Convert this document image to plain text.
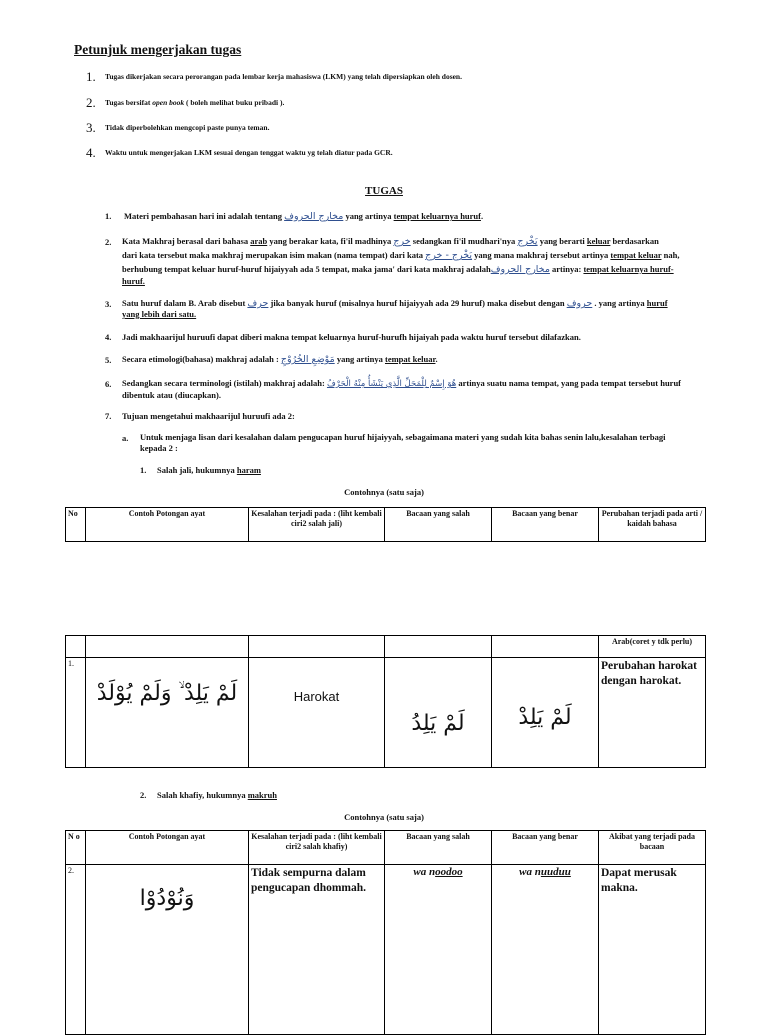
Petunjuk mengerjakan tugas
1. Tugas dikerjakan secara perorangan pada lembar kerja mahasiswa (LKM) yang telah dipersiapkan oleh dosen.
2. Tugas bersifat open book ( boleh melihat buku pribadi ).
3. Tidak diperbolehkan mengcopi paste punya teman.
4. Waktu untuk mengerjakan LKM sesuai dengan tenggat waktu yg telah diatur pada GCR.
TUGAS
1.	Materi pembahasan hari ini adalah tentang مخارج الحروف yang artinya tempat keluarnya huruf.
2.	Kata Makhraj berasal dari bahasa arab yang berakar kata, fi'il madhinya خرج sedangkan fi'il mudhari'nya يَخْرج yang berarti keluar berdasarkan
dari kata tersebut maka makhraj merupakan isim makan (nama tempat) dari kata يَخْرج - خرج yang mana makhraj tersebut artinya tempat keluar nah,
berhubung tempat keluar huruf-huruf hijaiyyah ada 5 tempat, maka jama' dari kata makhraj adalahمخارج الحروف artinya: tempat keluarnya huruf-
huruf.
3.	Satu huruf dalam B. Arab disebut حرف jika banyak huruf (misalnya huruf hijaiyyah ada 29 huruf) maka disebut dengan حروف . yang artinya huruf
yang lebih dari satu.
4.	Jadi makhaarijul huruufi dapat diberi makna tempat keluarnya huruf-hurufh hijaiyah pada waktu huruf tersebut dilafazkan.
5.	Secara etimologi(bahasa) makhraj adalah : مَوْضِعِ الخُرُوْجِ yang artinya tempat keluar.
6.	Sedangkan secara terminologi (istilah) makhraj adalah: هُوَ إِسْمٌ لِلْمَحَلِّ الَّذِي يَنْشَأُ مِنْهُ الْحَرْفُ artinya suatu nama tempat, yang pada tempat tersebut huruf
dibentuk atau (diucapkan).
7.	Tujuan mengetahui makhaarijul huruufi ada 2:
a.	Untuk menjaga lisan dari kesalahan dalam pengucapan huruf hijaiyyah, sebagaimana materi yang sudah kita bahas senin lalu,kesalahan terbagi
kepada 2 :
1.	Salah jali, hukumnya haram
Contohnya (satu saja)
No	Contoh Potongan ayat	Kesalahan terjadi pada : (liht kembali ciri2 salah jali)	Bacaan yang salah	Bacaan yang benar	Perubahan terjadi pada arti / kaidah bahasa
					Arab(coret y tdk perlu)
1.	لَمْ يَلِدْ ۙ وَلَمْ يُوْلَدْ	Harokat	لَمْ يَلِدُ	لَمْ يَلِدْ	Perubahan harokat dengan harokat.
2.	Salah khafiy, hukumnya makruh
Contohnya (satu saja)
N o	Contoh Potongan ayat	Kesalahan terjadi pada : (liht kembali ciri2 salah khafiy)	Bacaan yang salah	Bacaan yang benar	Akibat yang terjadi pada bacaan
2.	وَنُوْدُوْا	Tidak sempurna dalam pengucapan dhommah.	wa noodoo	wa nuuduu	Dapat merusak makna.
